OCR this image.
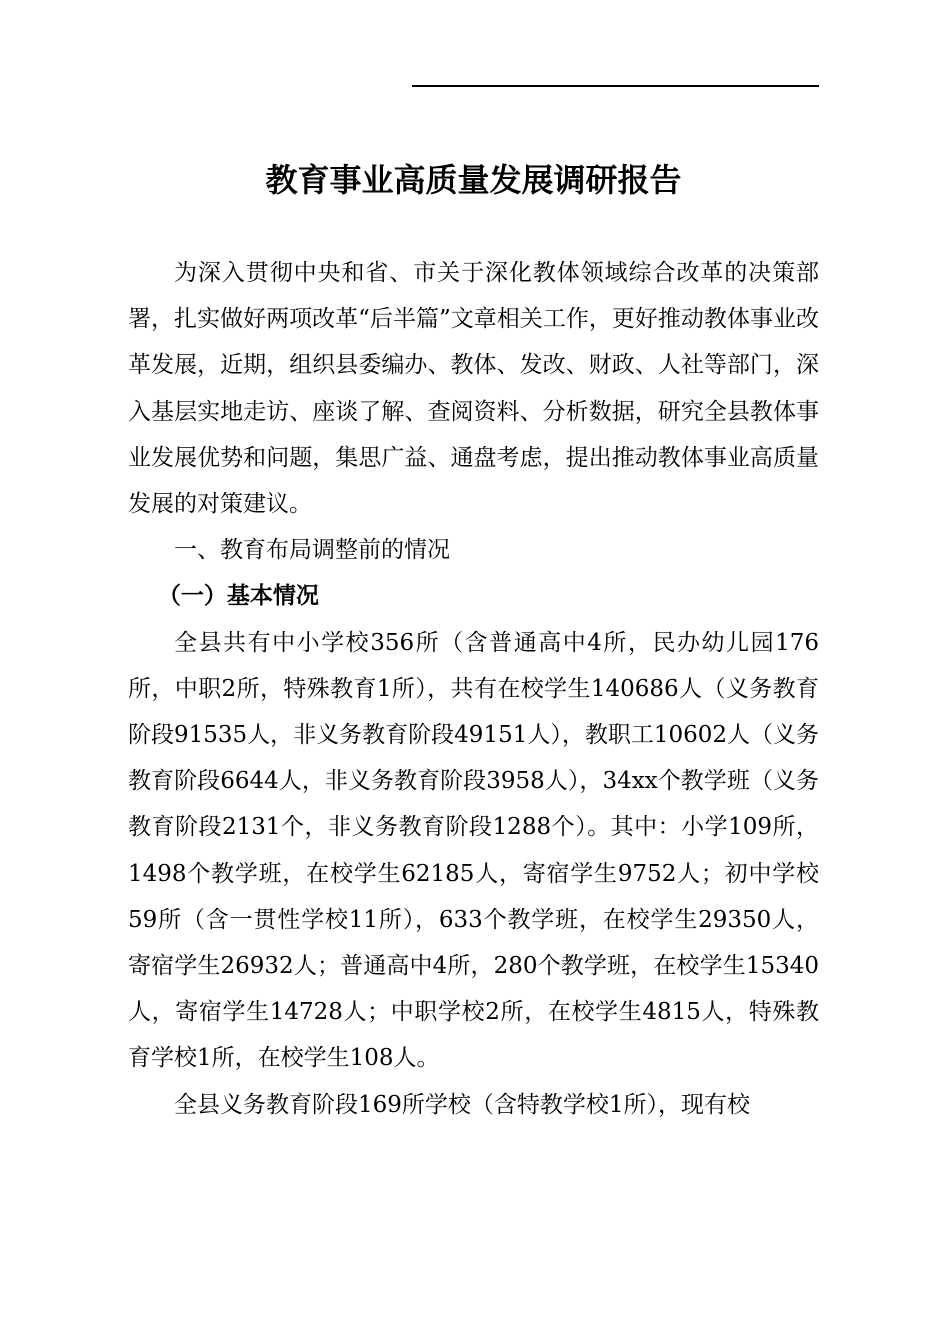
教育事业高质量发展调研报告

为深入贯彻中央和省、市关于深化教体领域综合改革的决策部署，扎实做好两项改革“后半篇”文章相关工作，更好推动教体事业改革发展，近期，组织县委编办、教体、发改、财政、人社等部门，深入基层实地走访、座谈了解、查阅资料、分析数据，研究全县教体事业发展优势和问题，集思广益、通盘考虑，提出推动教体事业高质量发展的对策建议。

一、教育布局调整前的情况

（一）基本情况

全县共有中小学校356所（含普通高中4所，民办幼儿园176所，中职2所，特殊教育1所），共有在校学生140686人（义务教育阶段91535人，非义务教育阶段49151人），教职工10602人（义务教育阶段6644人，非义务教育阶段3958人），34xx个教学班（义务教育阶段2131个，非义务教育阶段1288个）。其中：小学109所，1498个教学班，在校学生62185人，寄宿学生9752人；初中学校59所（含一贯性学校11所），633个教学班，在校学生29350人，寄宿学生26932人；普通高中4所，280个教学班，在校学生15340人，寄宿学生14728人；中职学校2所，在校学生4815人，特殊教育学校1所，在校学生108人。

全县义务教育阶段169所学校（含特教学校1所），现有校
